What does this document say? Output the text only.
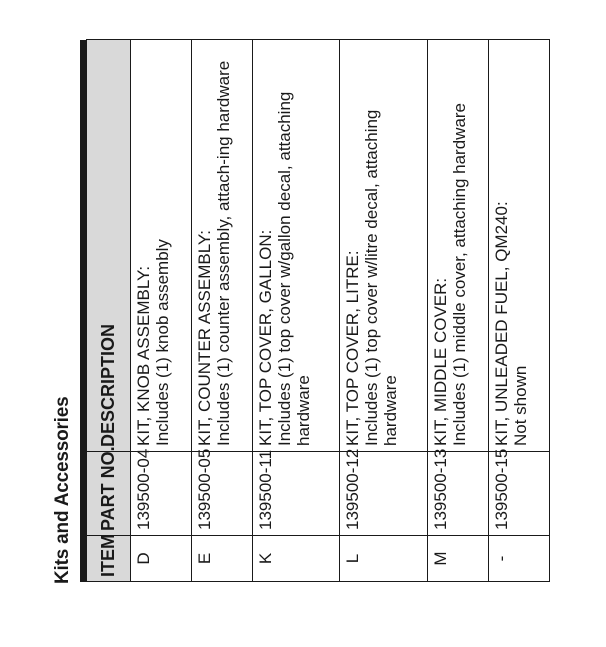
Kits and Accessories ITEM	PART NO.	DESCRIPTION
D	139500-04	KIT, KNOB ASSEMBLY: Includes (1) knob assembly

E	139500-05	KIT, COUNTER ASSEMBLY: Includes (1) counter assembly, attach-ing hardware

K	139500-11	KIT, TOP COVER, GALLON: Includes (1) top cover w/gallon decal, attaching hardware

L	139500-12	KIT, TOP COVER, LITRE: Includes (1) top cover w/litre decal, attaching hardware

M	139500-13	KIT, MIDDLE COVER: Includes (1) middle cover, attaching hardware

-	139500-15	KIT, UNLEADED FUEL, QM240: Not shown
